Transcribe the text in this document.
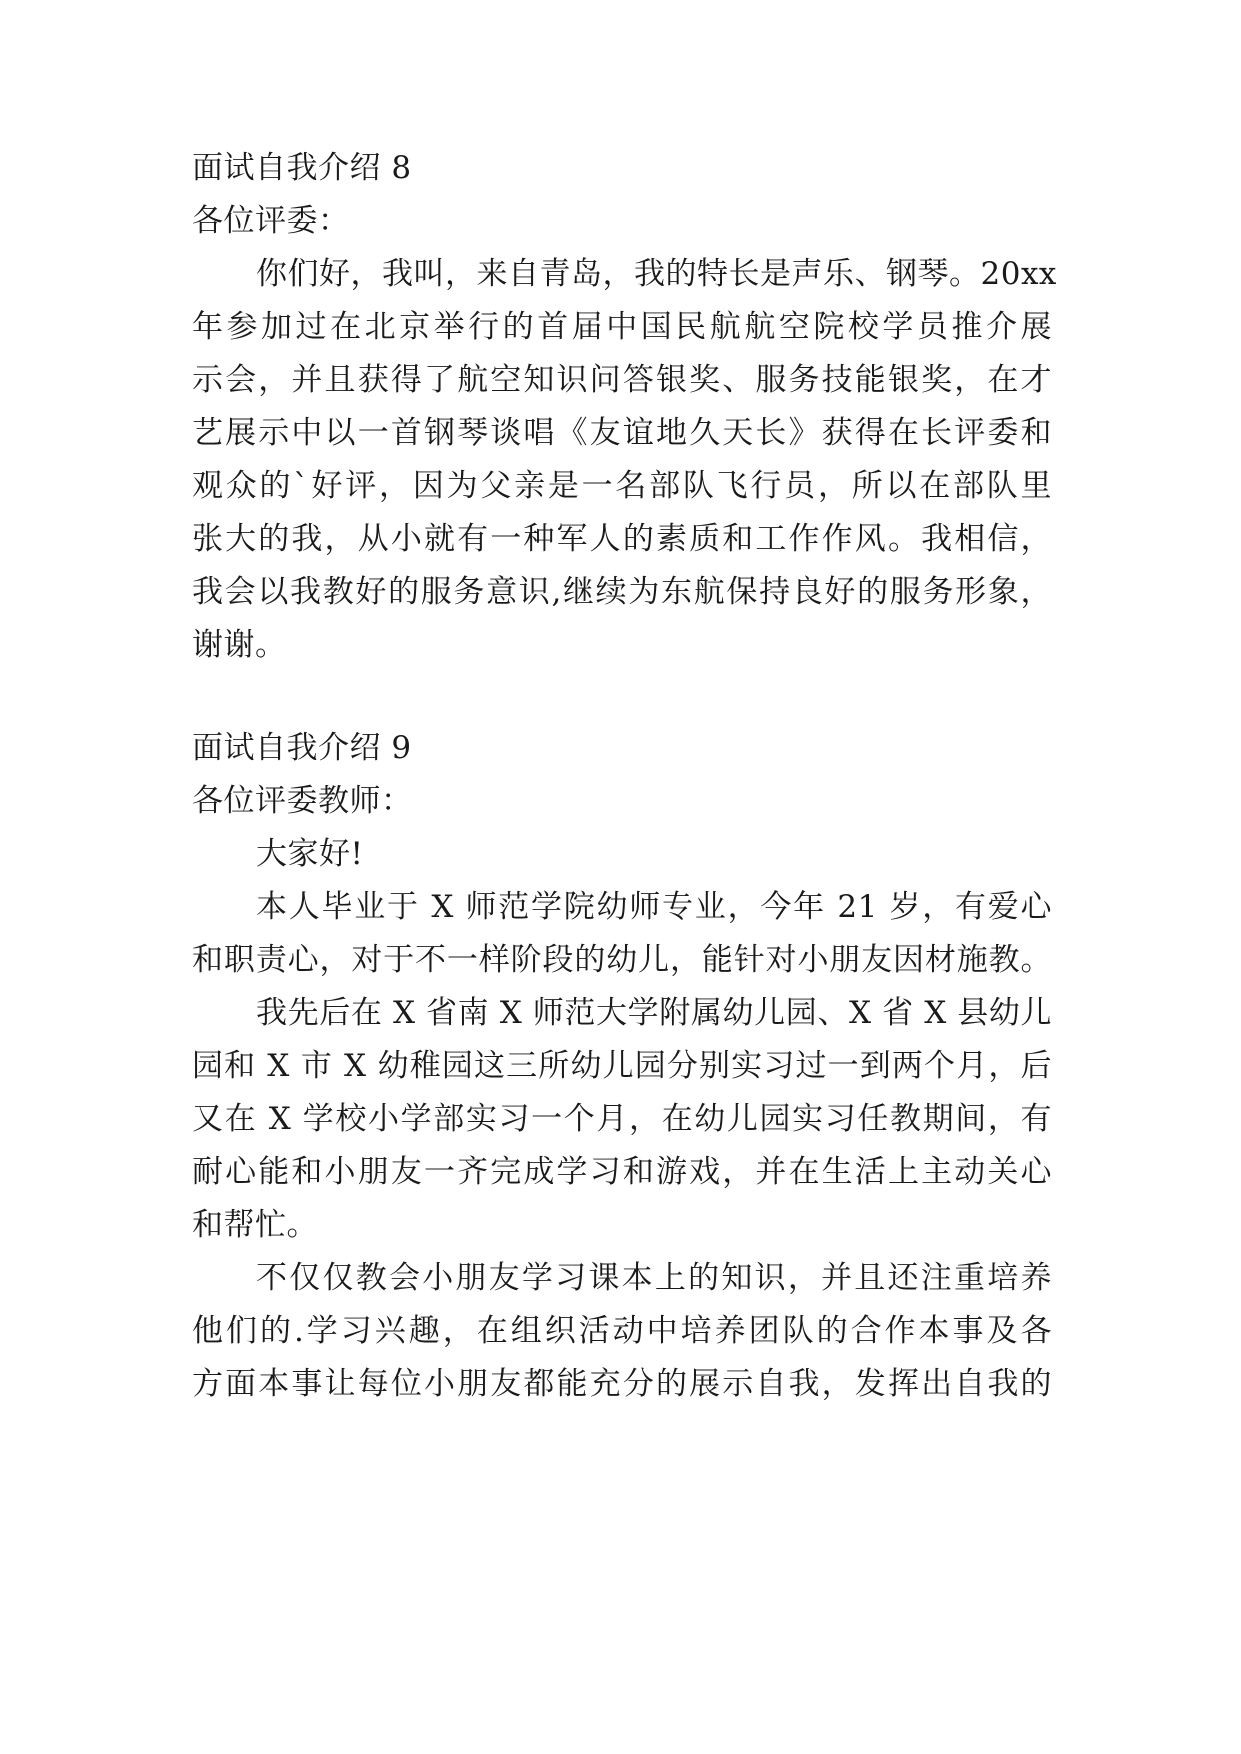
面试自我介绍 8
各位评委：
你们好，我叫，来自青岛，我的特长是声乐、钢琴。20xx
年参加过在北京举行的首届中国民航航空院校学员推介展
示会，并且获得了航空知识问答银奖、服务技能银奖，在才
艺展示中以一首钢琴谈唱《友谊地久天长》获得在长评委和
观众的`好评，因为父亲是一名部队飞行员，所以在部队里
张大的我，从小就有一种军人的素质和工作作风。我相信，
我会以我教好的服务意识,继续为东航保持良好的服务形象，
谢谢。
面试自我介绍 9
各位评委教师：
大家好!
本人毕业于 X 师范学院幼师专业，今年 21 岁，有爱心
和职责心，对于不一样阶段的幼儿，能针对小朋友因材施教。
我先后在 X 省南 X 师范大学附属幼儿园、X 省 X 县幼儿
园和 X 市 X 幼稚园这三所幼儿园分别实习过一到两个月，后
又在 X 学校小学部实习一个月，在幼儿园实习任教期间，有
耐心能和小朋友一齐完成学习和游戏，并在生活上主动关心
和帮忙。
不仅仅教会小朋友学习课本上的知识，并且还注重培养
他们的.学习兴趣，在组织活动中培养团队的合作本事及各
方面本事让每位小朋友都能充分的展示自我，发挥出自我的
